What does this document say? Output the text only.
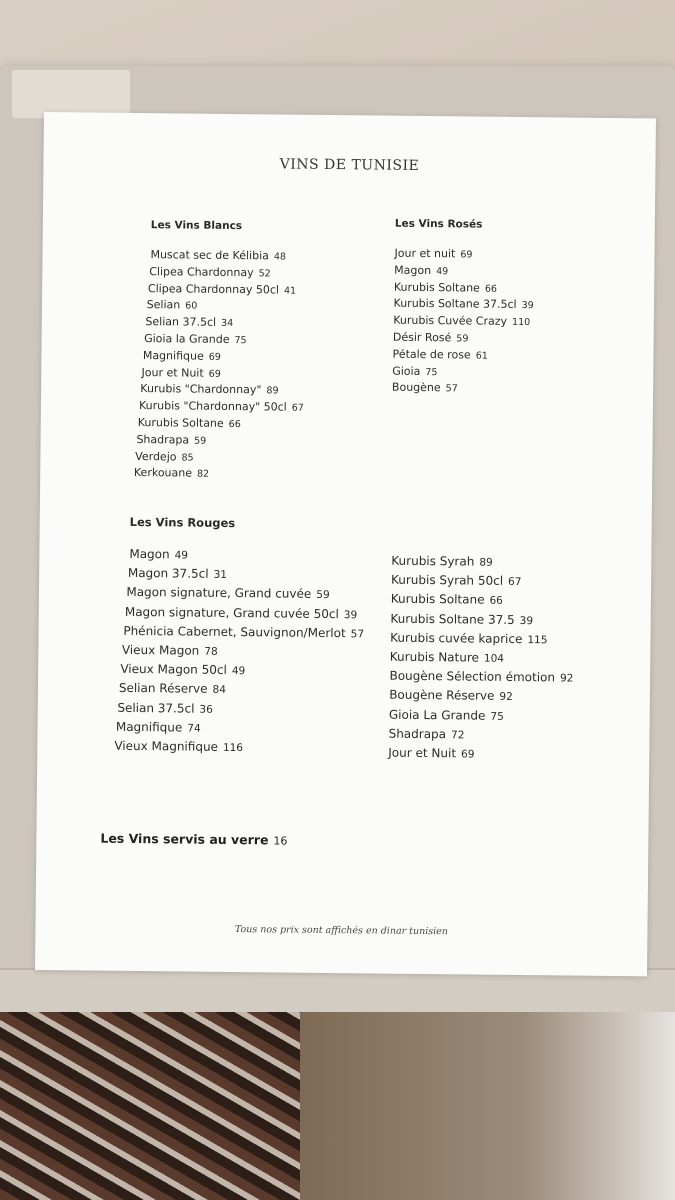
VINS DE TUNISIE
Les Vins Blancs
Muscat sec de Kélibia 48
Clipea Chardonnay 52
Clipea Chardonnay 50cl 41
Selian 60
Selian 37.5cl 34
Gioia la Grande 75
Magnifique 69
Jour et Nuit 69
Kurubis "Chardonnay" 89
Kurubis "Chardonnay" 50cl 67
Kurubis Soltane 66
Shadrapa 59
Verdejo 85
Kerkouane 82
Les Vins Rosés
Jour et nuit 69
Magon 49
Kurubis Soltane 66
Kurubis Soltane 37.5cl 39
Kurubis Cuvée Crazy 110
Désir Rosé 59
Pétale de rose 61
Gioia 75
Bougène 57
Les Vins Rouges
Magon 49
Magon 37.5cl 31
Magon signature, Grand cuvée 59
Magon signature, Grand cuvée 50cl 39
Phénicia Cabernet, Sauvignon/Merlot 57
Vieux Magon 78
Vieux Magon 50cl 49
Selian Réserve 84
Selian 37.5cl 36
Magnifique 74
Vieux Magnifique 116
Kurubis Syrah 89
Kurubis Syrah 50cl 67
Kurubis Soltane 66
Kurubis Soltane 37.5 39
Kurubis cuvée kaprice 115
Kurubis Nature 104
Bougène Sélection émotion 92
Bougène Réserve 92
Gioia La Grande 75
Shadrapa 72
Jour et Nuit 69
Les Vins servis au verre 16
Tous nos prix sont affichés en dinar tunisien
